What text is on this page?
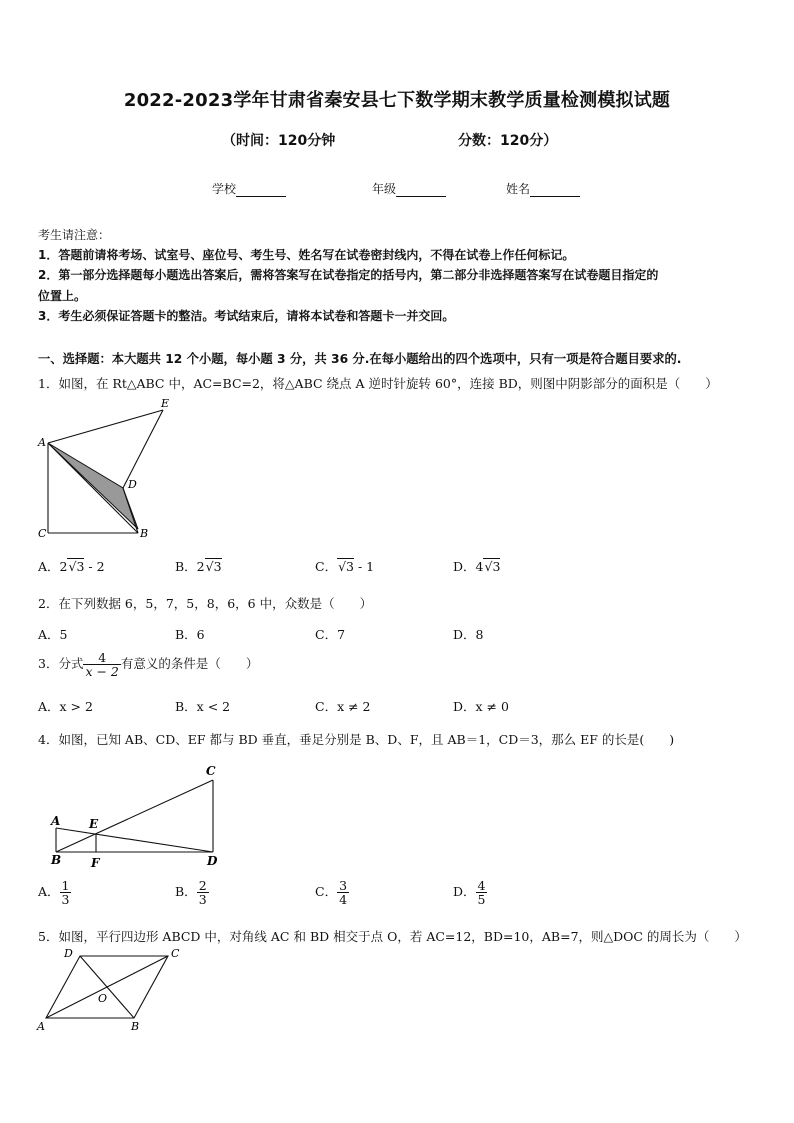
2022-2023学年甘肃省秦安县七下数学期末教学质量检测模拟试题
（时间：120分钟	分数：120分）
学校	年级	姓名
考生请注意：
1．答题前请将考场、试室号、座位号、考生号、姓名写在试卷密封线内，不得在试卷上作任何标记。
2．第一部分选择题每小题选出答案后，需将答案写在试卷指定的括号内，第二部分非选择题答案写在试卷题目指定的
位置上。
3．考生必须保证答题卡的整洁。考试结束后，请将本试卷和答题卡一并交回。
一、选择题：本大题共 12 个小题，每小题 3 分，共 36 分.在每小题给出的四个选项中，只有一项是符合题目要求的.
1．如图，在 Rt△ABC 中，AC=BC=2，将△ABC 绕点 A 逆时针旋转 60°，连接 BD，则图中阴影部分的面积是（　　）
A
C	B
D
E
A．2√3 - 2	B．2√3	C．√3 - 1	D．4√3
2．在下列数据 6，5，7，5，8，6，6 中，众数是（　　）
A．5	B．6	C．7	D．8
3．分式 $\frac{4}{x - 2}$ 有意义的条件是（　　）
A．x > 2	B．x < 2	C．x ≠ 2	D．x ≠ 0
4．如图，已知 AB、CD、EF 都与 BD 垂直，垂足分别是 B、D、F，且 AB＝1，CD＝3，那么 EF 的长是(　　)
A
B
C
D
E
F
A． $\frac{1}{3}$	B． $\frac{2}{3}$	C． $\frac{3}{4}$	D． $\frac{4}{5}$
5．如图，平行四边形 ABCD 中，对角线 AC 和 BD 相交于点 O，若 AC=12，BD=10，AB=7，则△DOC 的周长为（　　）
A	B
C
D
O
